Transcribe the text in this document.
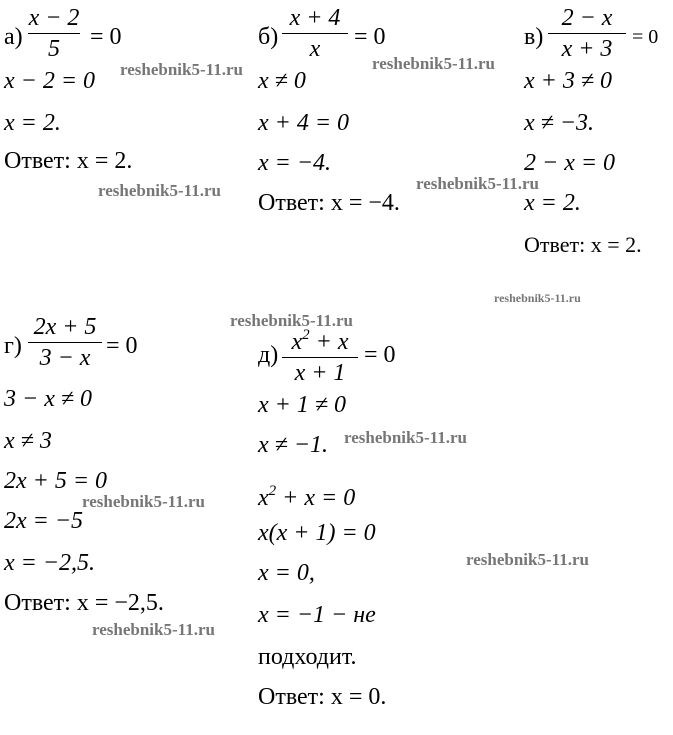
а)
x − 2
5	= 0
x − 2 = 0
x = 2.
Ответ: x = 2.
б)
x + 4
x	= 0
x ≠ 0
x + 4 = 0
x = −4.
Ответ: x = −4.
в)
2 − x
x + 3 = 0
x + 3 ≠ 0
x ≠ −3.
2 − x = 0
x = 2.
Ответ: x = 2.
г)
2x + 5
3 − x = 0
3 − x ≠ 0
x ≠ 3
2x + 5 = 0
2x = −5
x = −2,5.
Ответ: x = −2,5.
д) $x^2 + x$
x + 1
= 0
x + 1 ≠ 0
x ≠ −1.
$x^2 + x = 0$
x(x + 1) = 0
x = 0,
x = −1 − не
подходит.
Ответ: x = 0.
reshebnik5-11.ru	reshebnik5-11.ru
reshebnik5-11.ru	reshebnik5-11.ru
reshebnik5-11.ru
reshebnik5-11.ru
reshebnik5-11.ru
reshebnik5-11.ru
reshebnik5-11.ru
reshebnik5-11.ru
